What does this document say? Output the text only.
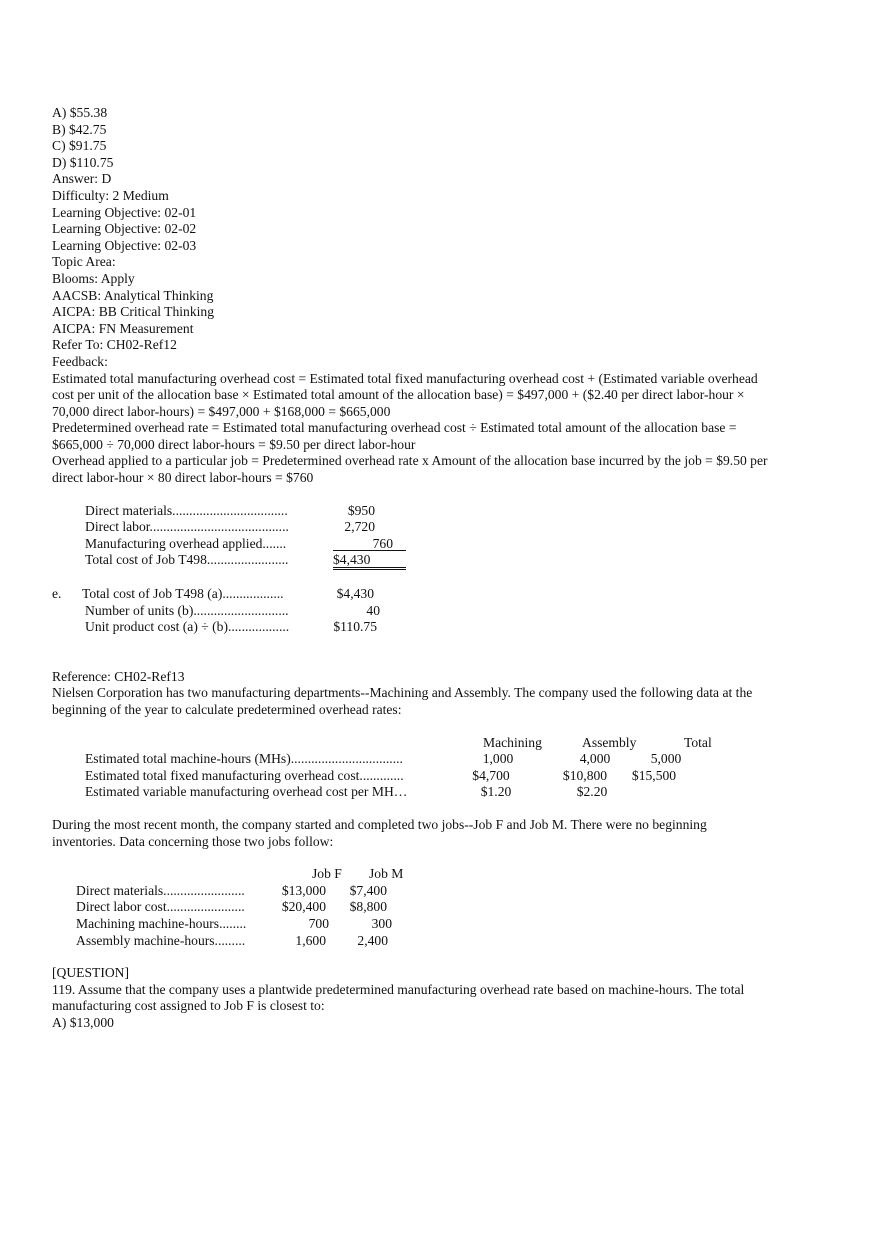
A) $55.38
B) $42.75
C) $91.75
D) $110.75
Answer: D
Difficulty: 2 Medium
Learning Objective: 02-01
Learning Objective: 02-02
Learning Objective: 02-03
Topic Area:
Blooms: Apply
AACSB: Analytical Thinking
AICPA: BB Critical Thinking
AICPA: FN Measurement
Refer To: CH02-Ref12
Feedback:
Estimated total manufacturing overhead cost = Estimated total fixed manufacturing overhead cost + (Estimated variable overhead cost per unit of the allocation base × Estimated total amount of the allocation base) = $497,000 + ($2.40 per direct labor-hour × 70,000 direct labor-hours) = $497,000 + $168,000 = $665,000
Predetermined overhead rate = Estimated total manufacturing overhead cost ÷ Estimated total amount of the allocation base = $665,000 ÷ 70,000 direct labor-hours = $9.50 per direct labor-hour
Overhead applied to a particular job = Predetermined overhead rate x Amount of the allocation base incurred by the job = $9.50 per direct labor-hour × 80 direct labor-hours = $760
Direct materials..................................	$950
Direct labor.........................................	2,720
Manufacturing overhead applied.......	760
Total cost of Job T498........................	$4,430
e. Total cost of Job T498 (a)..................	$4,430
Number of units (b)............................	40
Unit product cost (a) ÷ (b)..................	$110.75
Reference: CH02-Ref13
Nielsen Corporation has two manufacturing departments--Machining and Assembly. The company used the following data at the beginning of the year to calculate predetermined overhead rates:
Machining	Assembly	Total
Estimated total machine-hours (MHs).................................	1,000	4,000	5,000
Estimated total fixed manufacturing overhead cost.............	$4,700	$10,800	$15,500
Estimated variable manufacturing overhead cost per MH…	$1.20	$2.20
During the most recent month, the company started and completed two jobs--Job F and Job M. There were no beginning inventories. Data concerning those two jobs follow:
Job F Job M
Direct materials........................	$13,000	$7,400
Direct labor cost.......................	$20,400	$8,800
Machining machine-hours........	700	300
Assembly machine-hours.........	1,600	2,400
[QUESTION]
119. Assume that the company uses a plantwide predetermined manufacturing overhead rate based on machine-hours. The total manufacturing cost assigned to Job F is closest to:
A) $13,000
